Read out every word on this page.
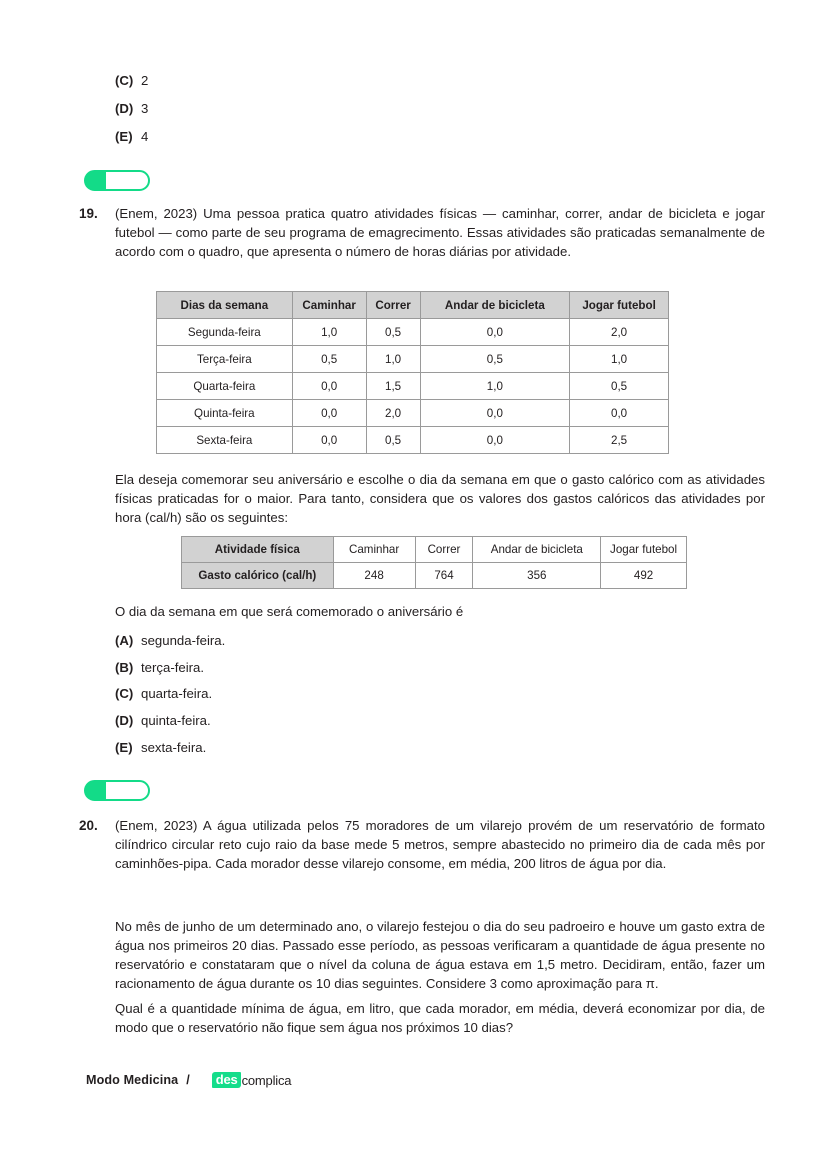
(C) 2
(D) 3
(E) 4
19. (Enem, 2023) Uma pessoa pratica quatro atividades físicas — caminhar, correr, andar de bicicleta e jogar futebol — como parte de seu programa de emagrecimento. Essas atividades são praticadas semanalmente de acordo com o quadro, que apresenta o número de horas diárias por atividade.
Dias da semana	Caminhar	Correr	Andar de bicicleta	Jogar futebol
Segunda-feira	1,0	0,5	0,0	2,0
Terça-feira	0,5	1,0	0,5	1,0
Quarta-feira	0,0	1,5	1,0	0,5
Quinta-feira	0,0	2,0	0,0	0,0
Sexta-feira	0,0	0,5	0,0	2,5
Ela deseja comemorar seu aniversário e escolhe o dia da semana em que o gasto calórico com as atividades físicas praticadas for o maior. Para tanto, considera que os valores dos gastos calóricos das atividades por hora (cal/h) são os seguintes:
Atividade física	Caminhar	Correr	Andar de bicicleta	Jogar futebol
Gasto calórico (cal/h)	248	764	356	492
O dia da semana em que será comemorado o aniversário é
(A) segunda-feira.
(B) terça-feira.
(C) quarta-feira.
(D) quinta-feira.
(E) sexta-feira.
20. (Enem, 2023) A água utilizada pelos 75 moradores de um vilarejo provém de um reservatório de formato cilíndrico circular reto cujo raio da base mede 5 metros, sempre abastecido no primeiro dia de cada mês por caminhões-pipa. Cada morador desse vilarejo consome, em média, 200 litros de água por dia.
No mês de junho de um determinado ano, o vilarejo festejou o dia do seu padroeiro e houve um gasto extra de água nos primeiros 20 dias. Passado esse período, as pessoas verificaram a quantidade de água presente no reservatório e constataram que o nível da coluna de água estava em 1,5 metro. Decidiram, então, fazer um racionamento de água durante os 10 dias seguintes. Considere 3 como aproximação para π.
Qual é a quantidade mínima de água, em litro, que cada morador, em média, deverá economizar por dia, de modo que o reservatório não fique sem água nos próximos 10 dias?
Modo Medicina /	des complica
